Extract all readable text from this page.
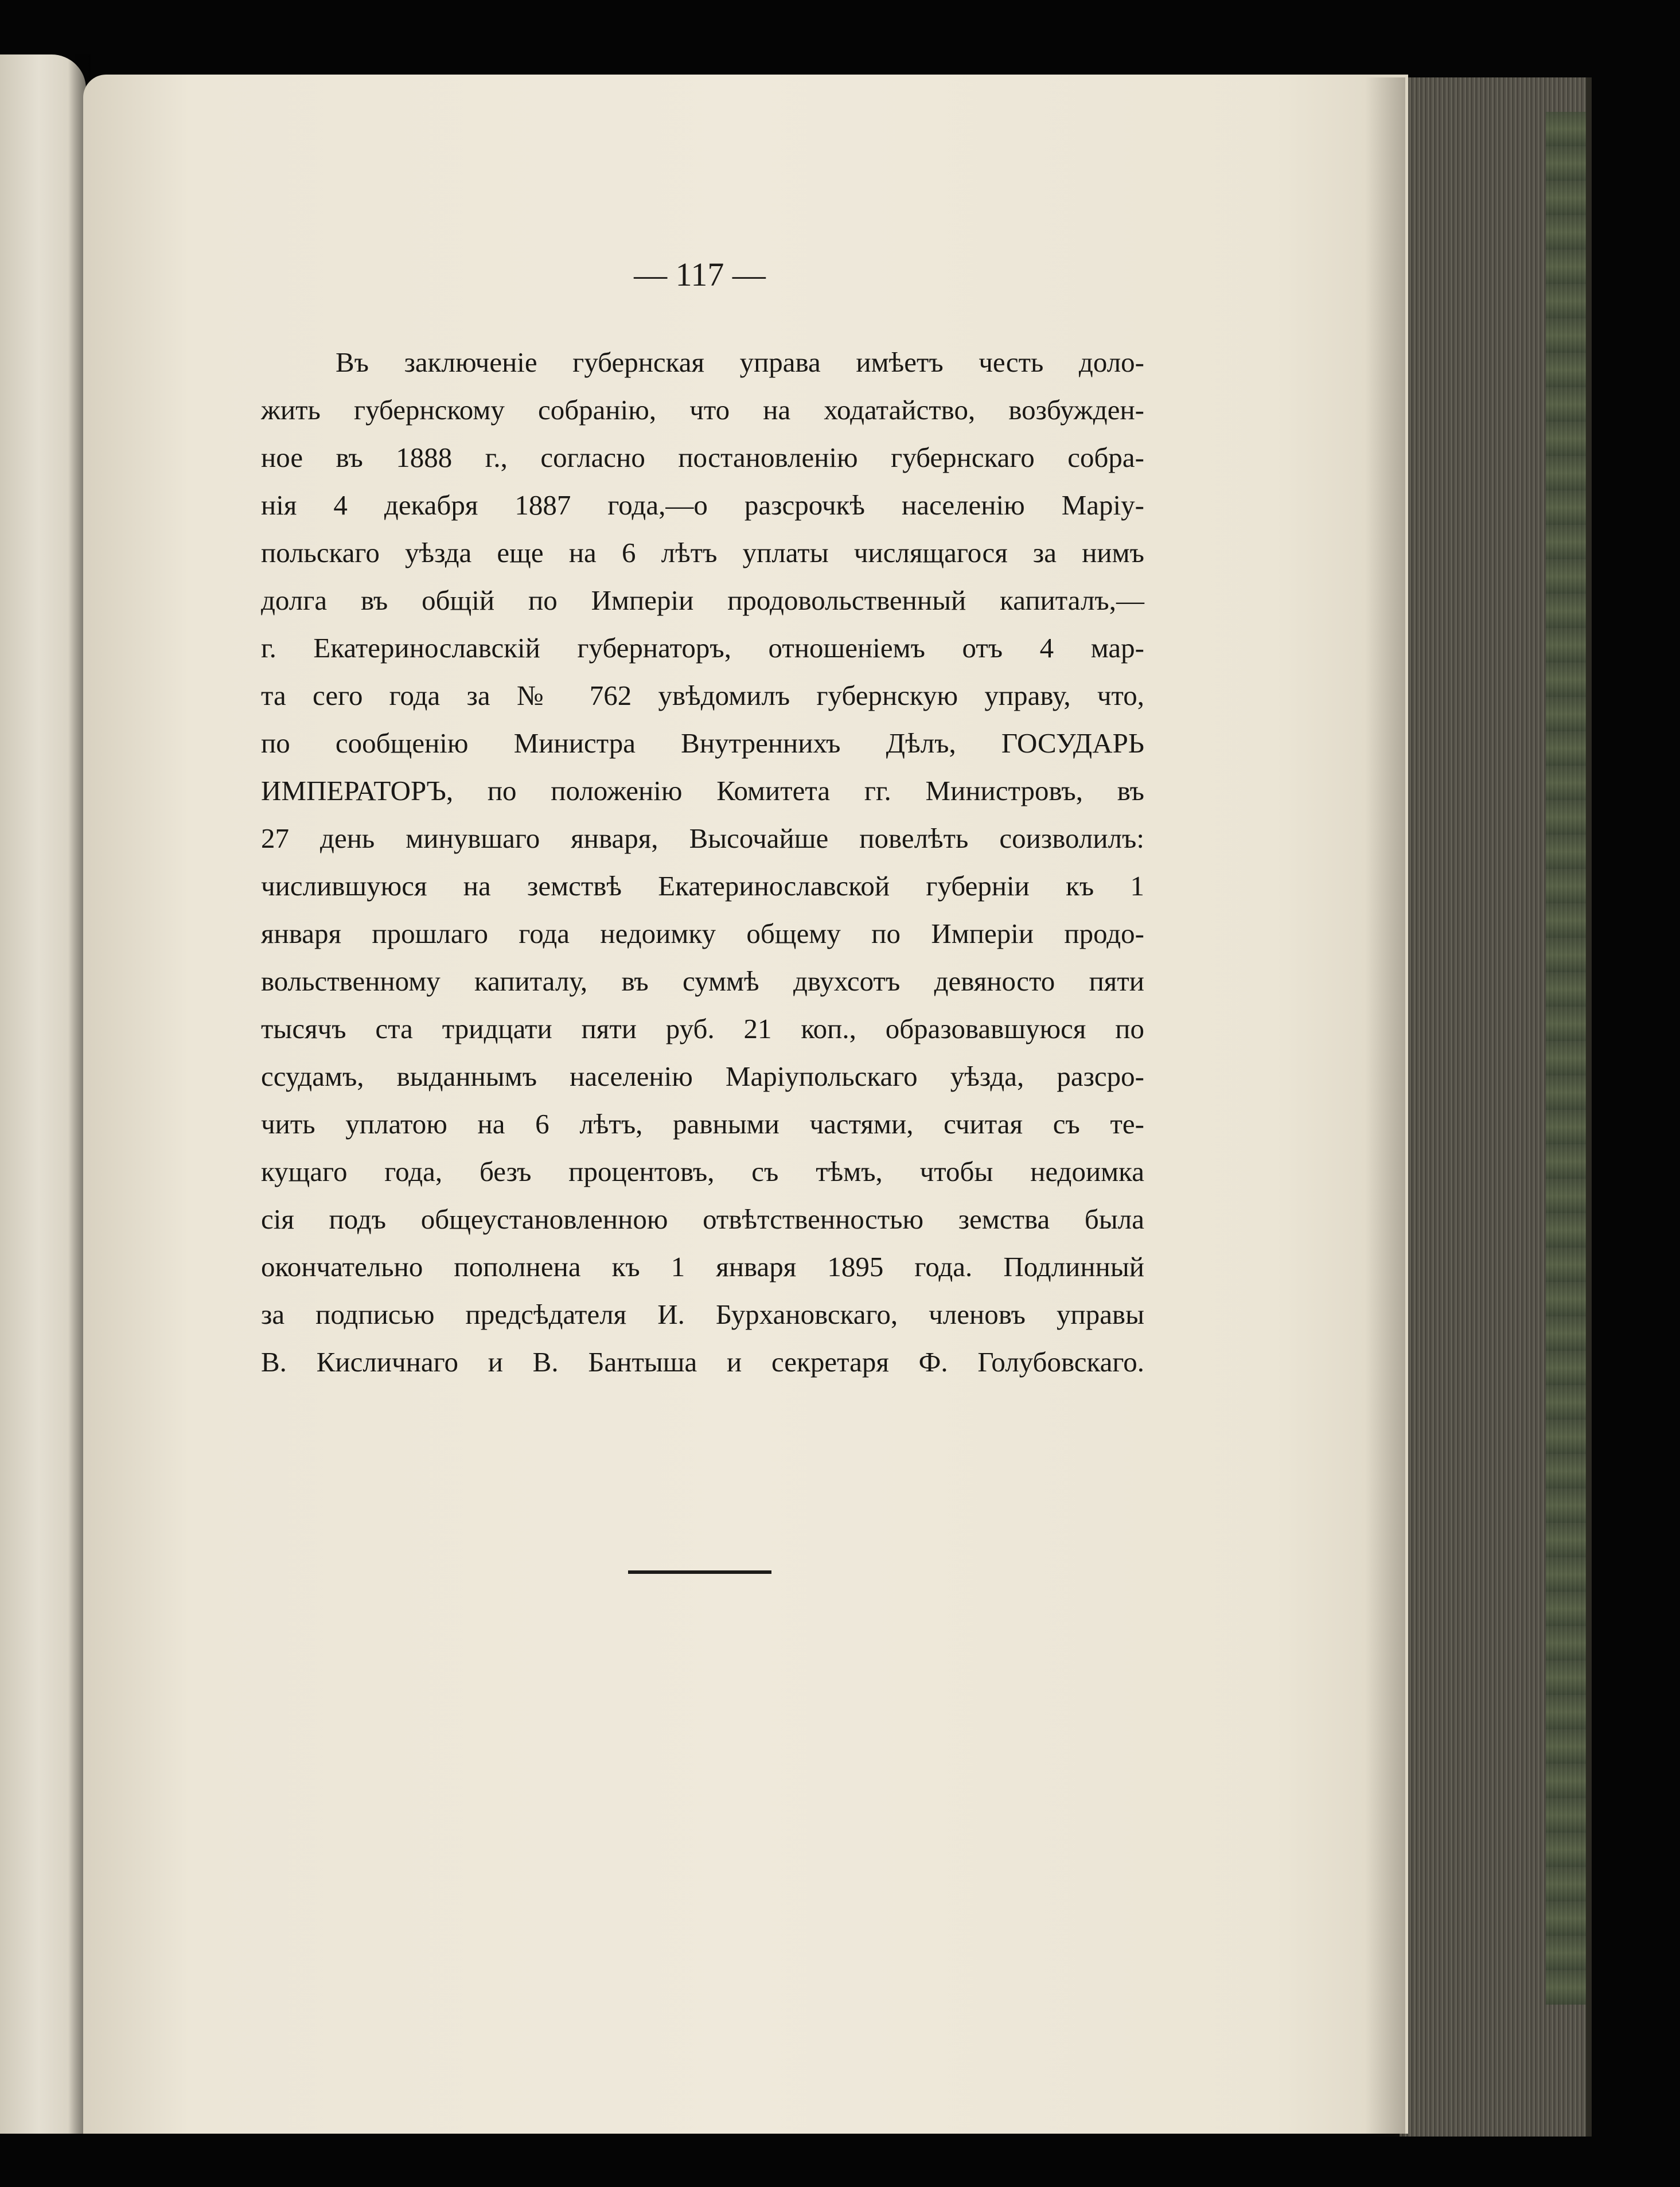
— 117 —
Въ заключеніе губернская управа имѣетъ честь доло-
жить губернскому собранію, что на ходатайство, возбужден-
ное въ 1888 г., согласно постановленію губернскаго собра-
нія 4 декабря 1887 года,—о разсрочкѣ населенію Маріу-
польскаго уѣзда еще на 6 лѣтъ уплаты числящагося за нимъ
долга въ общій по Имперіи продовольственный капиталъ,—
г. Екатеринославскій губернаторъ, отношеніемъ отъ 4 мар-
та сего года за № 762 увѣдомилъ губернскую управу, что,
по сообщенію Министра Внутреннихъ Дѣлъ, ГОСУДАРЬ
ИМПЕРАТОРЪ, по положенію Комитета гг. Министровъ, въ
27 день минувшаго января, Высочайше повелѣть соизволилъ:
числившуюся на земствѣ Екатеринославской губерніи къ 1
января прошлаго года недоимку общему по Имперіи продо-
вольственному капиталу, въ суммѣ двухсотъ девяносто пяти
тысячъ ста тридцати пяти руб. 21 коп., образовавшуюся по
ссудамъ, выданнымъ населенію Маріупольскаго уѣзда, разсро-
чить уплатою на 6 лѣтъ, равными частями, считая съ те-
кущаго года, безъ процентовъ, съ тѣмъ, чтобы недоимка
сія подъ общеустановленною отвѣтственностью земства была
окончательно пополнена къ 1 января 1895 года. Подлинный
за подписью предсѣдателя И. Бурхановскаго, членовъ управы
В. Кисличнаго и В. Бантыша и секретаря Ф. Голубовскаго.
